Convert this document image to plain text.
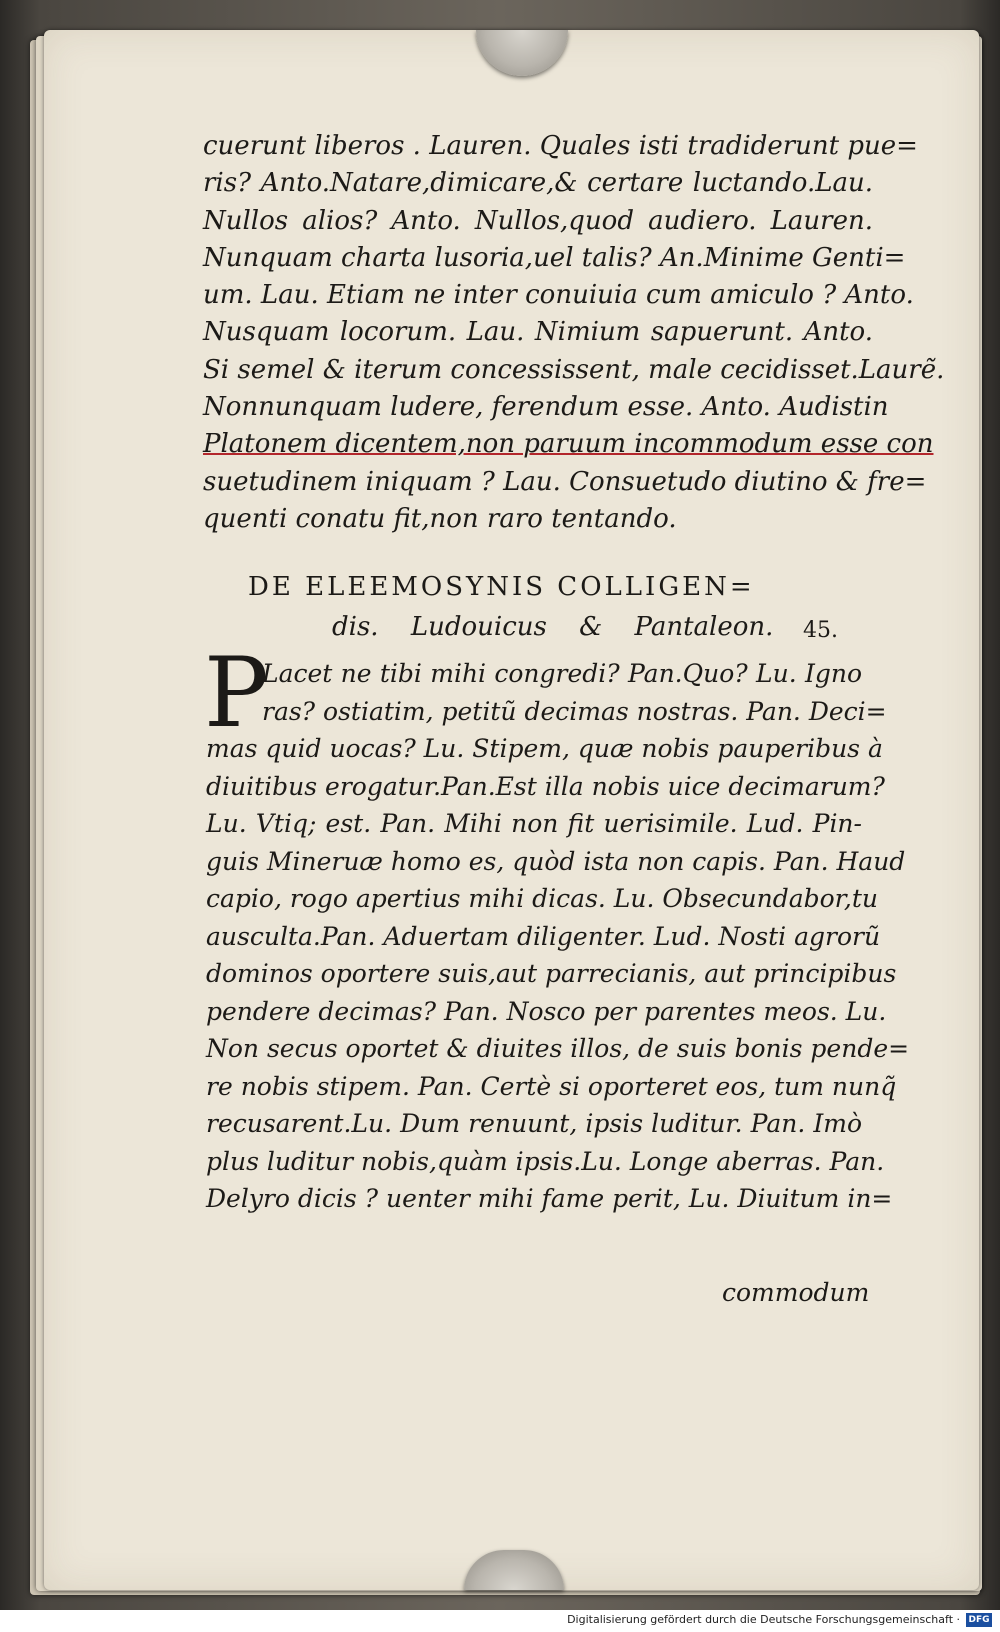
cuerunt liberos . Lauren. Quales isti tradiderunt pue=
ris? Anto.Natare,dimicare,& certare luctando.Lau.
Nullos alios? Anto. Nullos,quod audiero. Lauren.
Nunquam charta lusoria,uel talis? An.Minime Genti=
um. Lau. Etiam ne inter conuiuia cum amiculo ? Anto.
Nusquam locorum. Lau. Nimium sapuerunt. Anto.
Si semel & iterum concessissent, male cecidisset.Laurẽ.
Nonnunquam ludere, ferendum esse. Anto. Audistin
Platonem dicentem,non paruum incommodum esse con
suetudinem iniquam ? Lau. Consuetudo diutino & fre=
quenti conatu fit,non raro tentando.
DE ELEEMOSYNIS COLLIGEN=
dis. Ludouicus & Pantaleon. 45.
P
Lacet ne tibi mihi congredi? Pan.Quo? Lu. Igno
ras? ostiatim, petitũ decimas nostras. Pan. Deci=
mas quid uocas? Lu. Stipem, quæ nobis pauperibus à
diuitibus erogatur.Pan.Est illa nobis uice decimarum?
Lu. Vtiq; est. Pan. Mihi non fit uerisimile. Lud. Pin-
guis Mineruæ homo es, quòd ista non capis. Pan. Haud
capio, rogo apertius mihi dicas. Lu. Obsecundabor,tu
ausculta.Pan. Aduertam diligenter. Lud. Nosti agrorũ
dominos oportere suis,aut parrecianis, aut principibus
pendere decimas? Pan. Nosco per parentes meos. Lu.
Non secus oportet & diuites illos, de suis bonis pende=
re nobis stipem. Pan. Certè si oporteret eos, tum nunq̃
recusarent.Lu. Dum renuunt, ipsis luditur. Pan. Imò
plus luditur nobis,quàm ipsis.Lu. Longe aberras. Pan.
Delyro dicis ? uenter mihi fame perit, Lu. Diuitum in=
commodum
Digitalisierung gefördert durch die Deutsche Forschungsgemeinschaft · DFG
